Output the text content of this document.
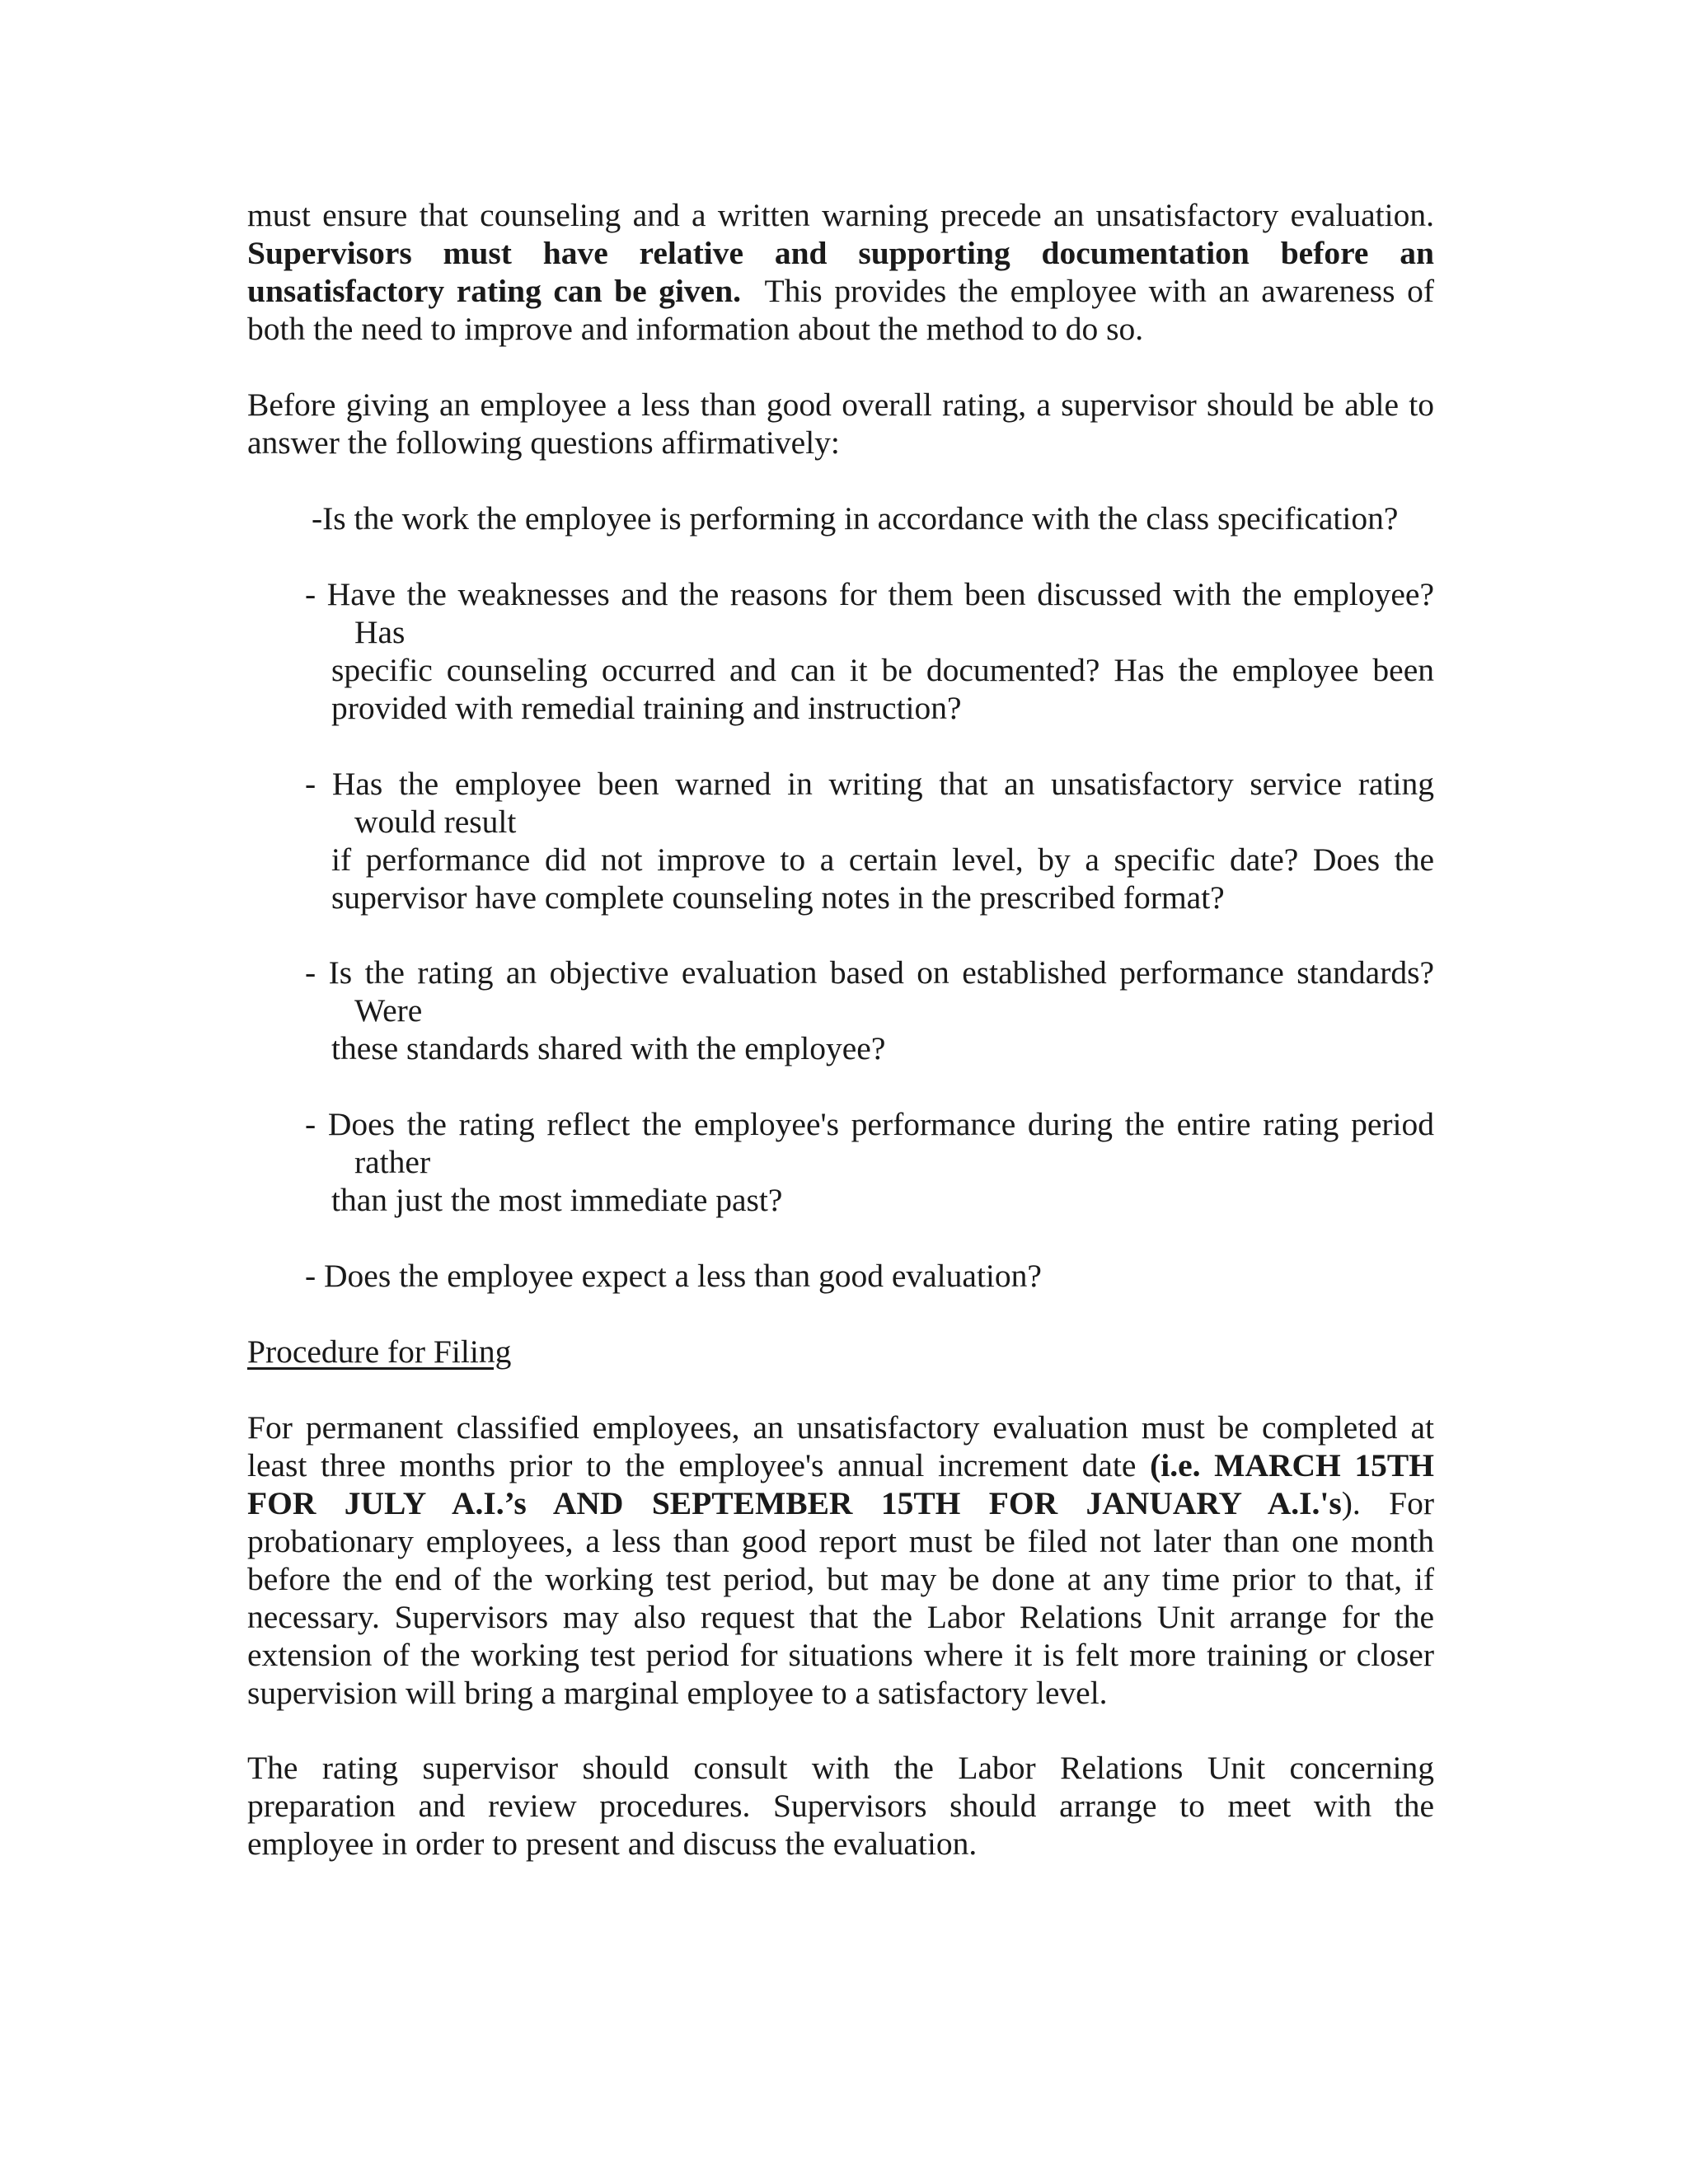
must ensure that counseling and a written warning precede an unsatisfactory evaluation.
Supervisors must have relative and supporting documentation before an
unsatisfactory rating can be given. This provides the employee with an awareness of
both the need to improve and information about the method to do so.
Before giving an employee a less than good overall rating, a supervisor should be able to
answer the following questions affirmatively:
-Is the work the employee is performing in accordance with the class specification?
- Have the weaknesses and the reasons for them been discussed with the employee?
Has
specific counseling occurred and can it be documented? Has the employee been
provided with remedial training and instruction?
- Has the employee been warned in writing that an unsatisfactory service rating
would result
if performance did not improve to a certain level, by a specific date? Does the
supervisor have complete counseling notes in the prescribed format?
- Is the rating an objective evaluation based on established performance standards?
Were
these standards shared with the employee?
- Does the rating reflect the employee's performance during the entire rating period
rather
than just the most immediate past?
- Does the employee expect a less than good evaluation?
Procedure for Filing
For permanent classified employees, an unsatisfactory evaluation must be completed at
least three months prior to the employee's annual increment date (i.e. MARCH 15TH
FOR JULY A.I.’s AND SEPTEMBER 15TH FOR JANUARY A.I.'s). For
probationary employees, a less than good report must be filed not later than one month
before the end of the working test period, but may be done at any time prior to that, if
necessary. Supervisors may also request that the Labor Relations Unit arrange for the
extension of the working test period for situations where it is felt more training or closer
supervision will bring a marginal employee to a satisfactory level.
The rating supervisor should consult with the Labor Relations Unit concerning
preparation and review procedures. Supervisors should arrange to meet with the
employee in order to present and discuss the evaluation.
